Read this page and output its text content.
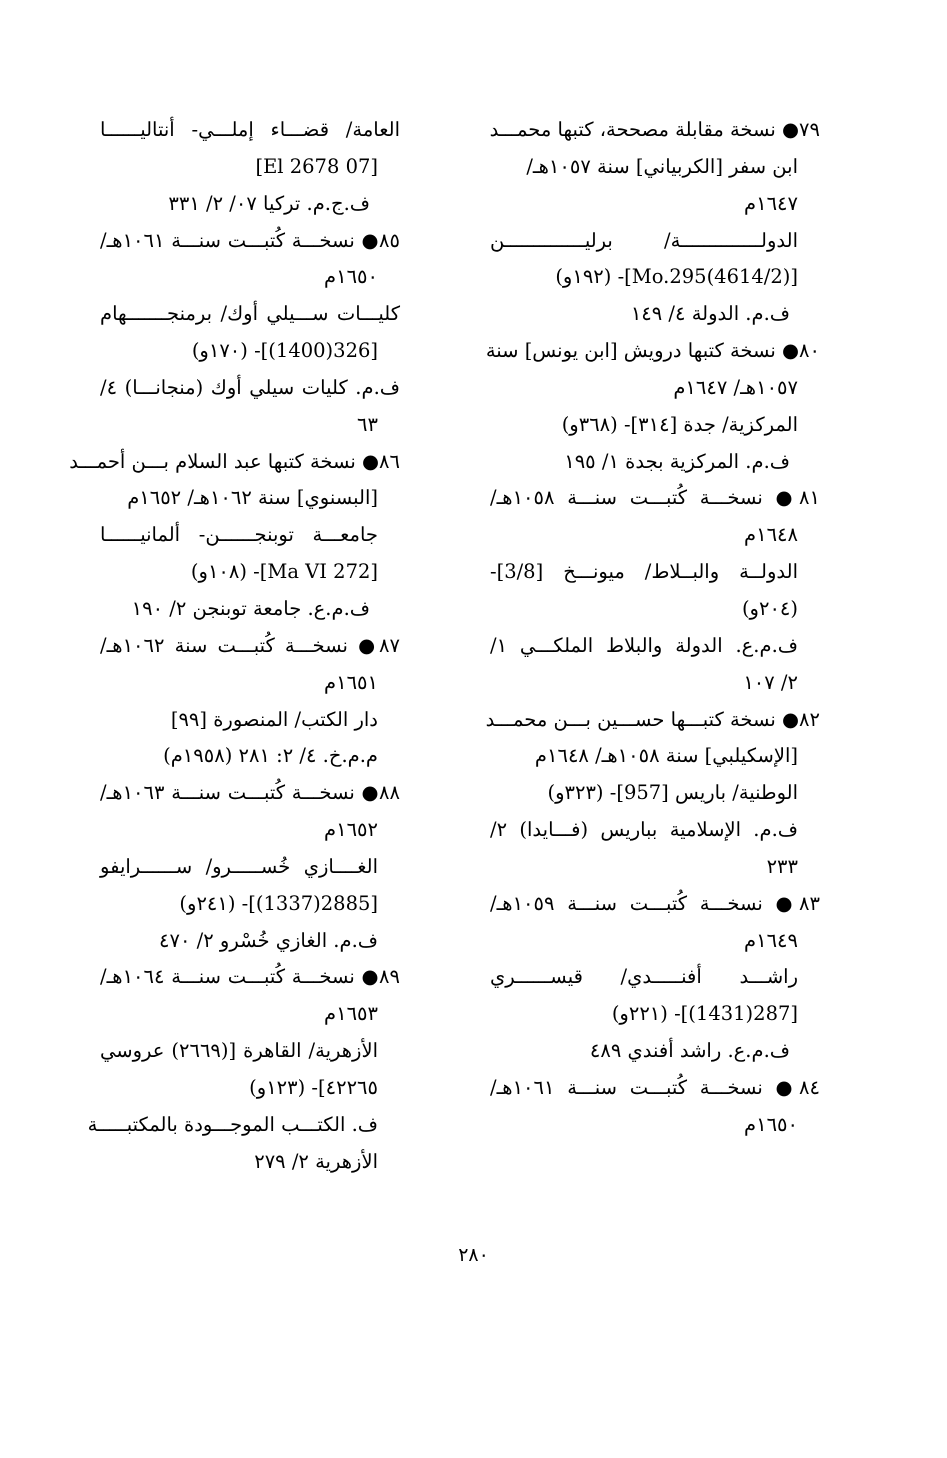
٧٩● نسخة مقابلة مصححة، كتبها محمـــد
ابن سفر [الكربياني] سنة ١٠٥٧هـ/
١٦٤٧م
الدولــــــــــــــة/ برليــــــــــــــن
[Mo.295(4614/2)]- (١٩٢و)
ف.م. الدولة ٤/ ١٤٩
٨٠● نسخة كتبها درويش [ابن يونس] سنة
١٠٥٧هـ/ ١٦٤٧م
المركزية/ جدة [٣١٤]- (٣٦٨و)
ف.م. المركزية بجدة ١/ ١٩٥
٨١● نسخـــة كُتبـــت سنـــة ١٠٥٨هـ/
١٦٤٨م
الدولــة والبــلاط/ ميونـــخ [3/8]-
(٢٠٤و)
ف.م.ع. الدولة والبلاط الملكـــي ١/
٢/ ١٠٧
٨٢● نسخة كتبـــها حســـين بـــن محمـــد
[الإسكيلبي] سنة ١٠٥٨هـ/ ١٦٤٨م
الوطنية/ باريس [957]- (٣٢٣و)
ف.م. الإسلامية بباريس (فـــايدا) ٢/
٢٣٣
٨٣● نسخـــة كُتبـــت سنـــة ١٠٥٩هـ/
١٦٤٩م
راشـــد أفنـــــدي/ قيســــــري
[287(1431)]- (٢٢١و)
ف.م.ع. راشد أفندي ٤٨٩
٨٤● نسخـــة كُتبـــت سنـــة ١٠٦١هـ/
١٦٥٠م
العامة/ قضـــاء إملـــي- أنتاليــــــا
[07 El 2678]
ف.ج.م. تركيا ٠٧/ ٢/ ٣٣١
٨٥● نسخـــة كُتبـــت سنـــة ١٠٦١هـ/
١٦٥٠م
كليـــات ســـيلي أوك/ برمنجـــــــهام
[326(1400)]- (١٧٠و)
ف.م. كليات سيلي أوك (منجانـــا) ٤/
٦٣
٨٦● نسخة كتبها عبد السلام بـــن أحمـــد
[البسنوي] سنة ١٠٦٢هـ/ ١٦٥٢م
جامعـــة توبنجــــــن- ألمانيــــــا
[Ma VI 272]- (١٠٨و)
ف.م.ع. جامعة توبنجن ٢/ ١٩٠
٨٧● نسخـــة كُتبـــت سنة ١٠٦٢هـ/
١٦٥١م
دار الكتب/ المنصورة [٩٩]
م.م.خ. ٤/ ٢: ٢٨١ (١٩٥٨م)
٨٨● نسخـــة كُتبـــت سنـــة ١٠٦٣هـ/
١٦٥٢م
الغــــازي خُســـــرو/ ســــــرايفو
[2885(1337)]- (٢٤١و)
ف.م. الغازي خُسْرو ٢/ ٤٧٠
٨٩● نسخـــة كُتبـــت سنـــة ١٠٦٤هـ/
١٦٥٣م
الأزهرية/ القاهرة [(٢٦٦٩) عروسي
٤٢٢٦٥]- (١٢٣و)
ف. الكتـــب الموجـــودة بالمكتبـــــة
الأزهرية ٢/ ٢٧٩
٢٨٠
